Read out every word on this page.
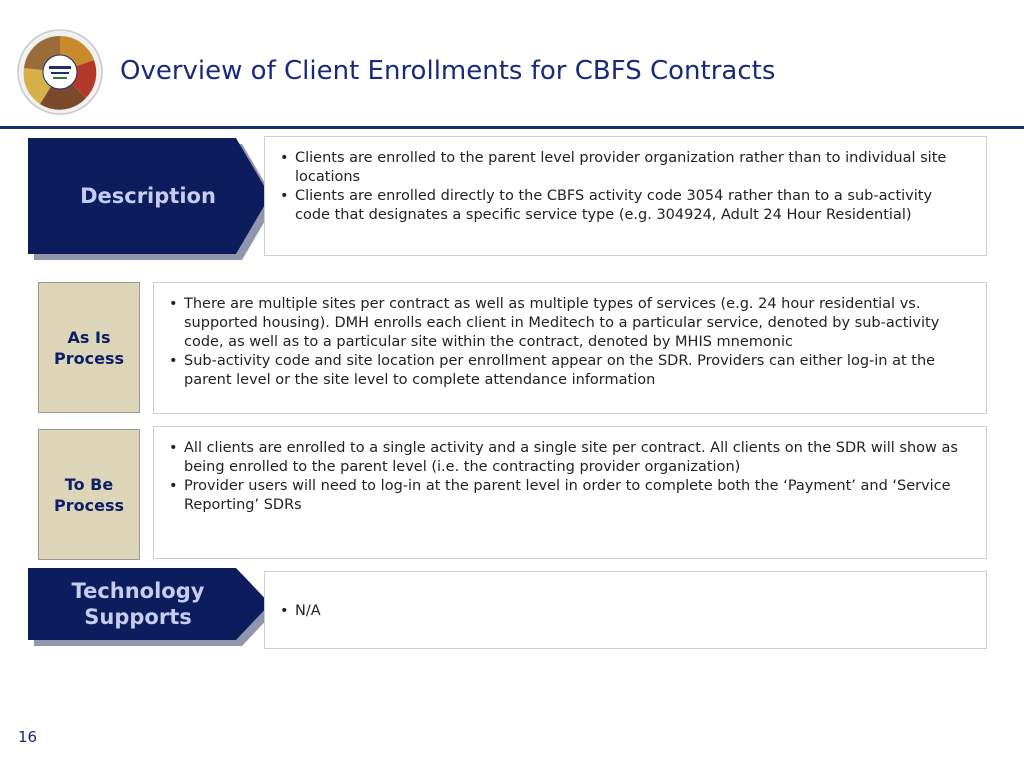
Overview of Client Enrollments for CBFS Contracts
Description
• Clients are enrolled to the parent level provider organization rather than to individual site locations
• Clients are enrolled directly to the CBFS activity code 3054 rather than to a sub-activity code that designates a specific service type (e.g. 304924, Adult 24 Hour Residential)
As Is Process
• There are multiple sites per contract as well as multiple types of services (e.g. 24 hour residential vs. supported housing). DMH enrolls each client in Meditech to a particular service, denoted by sub-activity code, as well as to a particular site within the contract, denoted by MHIS mnemonic
• Sub-activity code and site location per enrollment appear on the SDR. Providers can either log-in at the parent level or the site level to complete attendance information
To Be Process
• All clients are enrolled to a single activity and a single site per contract. All clients on the SDR will show as being enrolled to the parent level (i.e. the contracting provider organization)
• Provider users will need to log-in at the parent level in order to complete both the ‘Payment’ and ‘Service Reporting’ SDRs
Technology Supports
•	N/A
16
